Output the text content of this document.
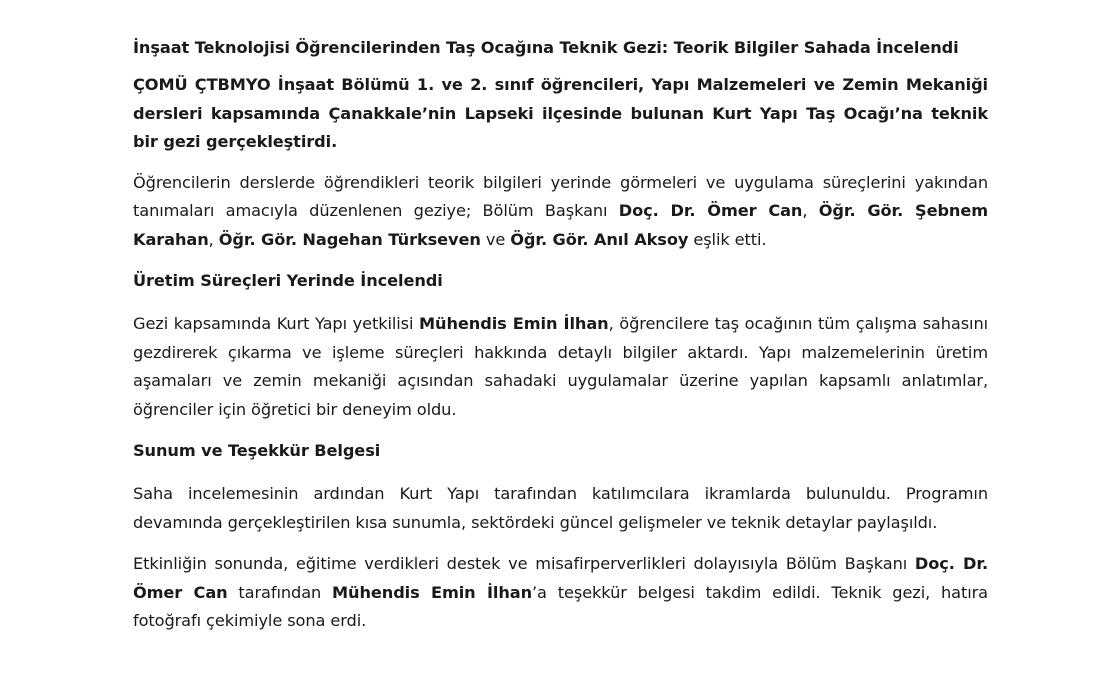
İnşaat Teknolojisi Öğrencilerinden Taş Ocağına Teknik Gezi: Teorik Bilgiler Sahada İncelendi
ÇOMÜ ÇTBMYO İnşaat Bölümü 1. ve 2. sınıf öğrencileri, Yapı Malzemeleri ve Zemin Mekaniği dersleri kapsamında Çanakkale’nin Lapseki ilçesinde bulunan Kurt Yapı Taş Ocağı’na teknik bir gezi gerçekleştirdi.
Öğrencilerin derslerde öğrendikleri teorik bilgileri yerinde görmeleri ve uygulama süreçlerini yakından tanımaları amacıyla düzenlenen geziye; Bölüm Başkanı Doç. Dr. Ömer Can, Öğr. Gör. Şebnem Karahan, Öğr. Gör. Nagehan Türkseven ve Öğr. Gör. Anıl Aksoy eşlik etti.
Üretim Süreçleri Yerinde İncelendi
Gezi kapsamında Kurt Yapı yetkilisi Mühendis Emin İlhan, öğrencilere taş ocağının tüm çalışma sahasını gezdirerek çıkarma ve işleme süreçleri hakkında detaylı bilgiler aktardı. Yapı malzemelerinin üretim aşamaları ve zemin mekaniği açısından sahadaki uygulamalar üzerine yapılan kapsamlı anlatımlar, öğrenciler için öğretici bir deneyim oldu.
Sunum ve Teşekkür Belgesi
Saha incelemesinin ardından Kurt Yapı tarafından katılımcılara ikramlarda bulunuldu. Programın devamında gerçekleştirilen kısa sunumla, sektördeki güncel gelişmeler ve teknik detaylar paylaşıldı.
Etkinliğin sonunda, eğitime verdikleri destek ve misafirperverlikleri dolayısıyla Bölüm Başkanı Doç. Dr. Ömer Can tarafından Mühendis Emin İlhan’a teşekkür belgesi takdim edildi. Teknik gezi, hatıra fotoğrafı çekimiyle sona erdi.
